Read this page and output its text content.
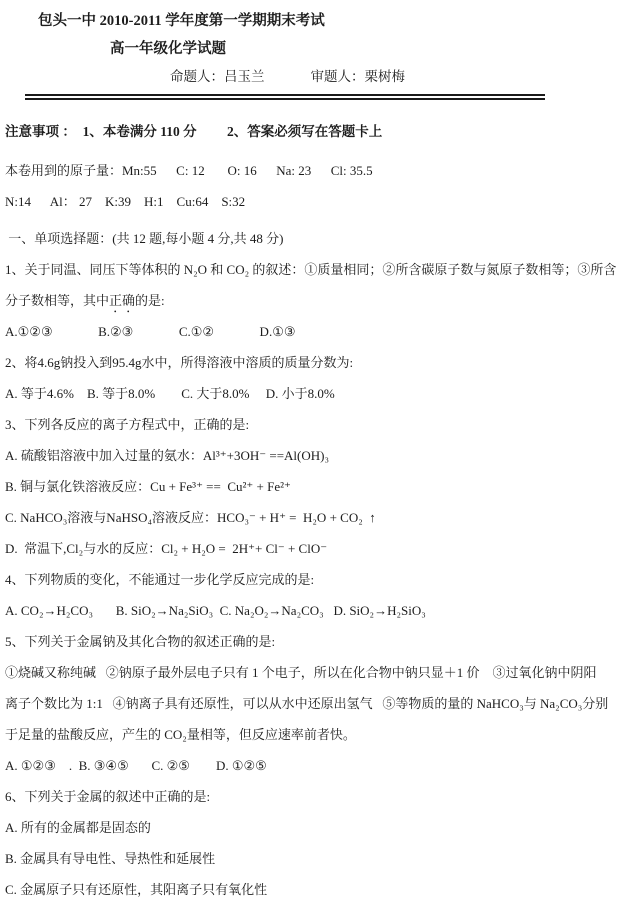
包头一中 2010-2011 学年度第一学期期末考试

高一年级化学试题

命题人：吕玉兰	审题人：栗树梅

注意事项 ：  1、本卷满分 110 分         2、答案必须写在答题卡上

本卷用到的原子量：Mn:55      C: 12       O: 16      Na: 23      Cl: 35.5

N:14      Al： 27    K:39    H:1    Cu:64    S:32

一、单项选择题：(共 12 题,每小题 4 分,共 48 分)

1、关于同温、同压下等体积的 N₂O 和 CO₂ 的叙述：①质量相同；②所含碳原子数与氮原子数相等；③所含

分子数相等，其中正确的是:

A.①②③              B.②③              C.①②              D.①③

2、将4.6g钠投入到95.4g水中，所得溶液中溶质的质量分数为:

A. 等于4.6%    B. 等于8.0%        C. 大于8.0%     D. 小于8.0%

3、下列各反应的离子方程式中，正确的是:

A. 硫酸铝溶液中加入过量的氨水：Al³⁺+3OH⁻ ==Al(OH)₃

B. 铜与氯化铁溶液反应：Cu + Fe³⁺ ==  Cu²⁺ + Fe²⁺

C. NaHCO₃溶液与NaHSO₄溶液反应：HCO₃⁻ + H⁺ =  H₂O + CO₂  ↑

D.  常温下,Cl₂与水的反应：Cl₂ + H₂O =  2H⁺+ Cl⁻ + ClO⁻

4、下列物质的变化，不能通过一步化学反应完成的是:

A. CO₂→H₂CO₃       B. SiO₂→Na₂SiO₃  C. Na₂O₂→Na₂CO₃   D. SiO₂→H₂SiO₃

5、下列关于金属钠及其化合物的叙述正确的是:

①烧碱又称纯碱   ②钠原子最外层电子只有 1 个电子，所以在化合物中钠只显＋1 价    ③过氧化钠中阴阳

离子个数比为 1:1   ④钠离子具有还原性，可以从水中还原出氢气   ⑤等物质的量的 NaHCO₃与 Na₂CO₃分别

于足量的盐酸反应，产生的 CO₂量相等，但反应速率前者快。

A. ①②③    .  B. ③④⑤       C. ②⑤        D. ①②⑤

6、下列关于金属的叙述中正确的是:

A. 所有的金属都是固态的

B. 金属具有导电性、导热性和延展性

C. 金属原子只有还原性，其阳离子只有氧化性
